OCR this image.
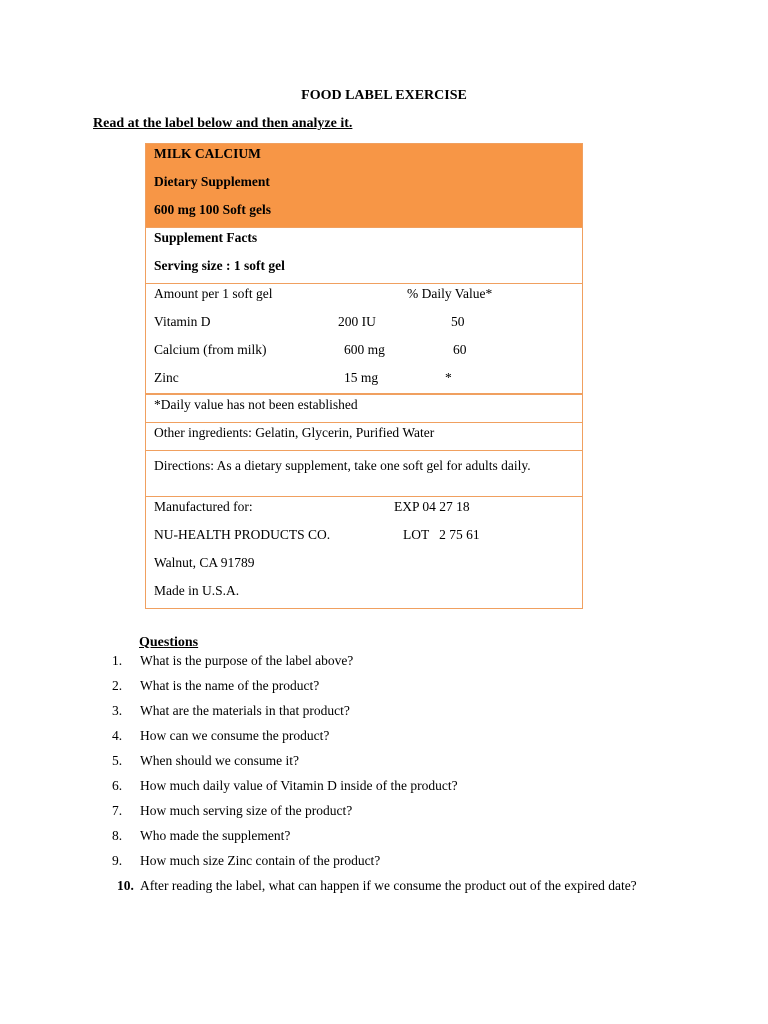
FOOD LABEL EXERCISE
Read at the label below and then analyze it.
MILK CALCIUM
Dietary Supplement
600 mg 100 Soft gels
Supplement Facts
Serving size : 1 soft gel
Amount per 1 soft gel	% Daily Value*
Vitamin D	200 IU	50
Calcium (from milk)	600 mg	60
Zinc	15 mg	*
*Daily value has not been established
Other ingredients: Gelatin, Glycerin, Purified Water
Directions: As a dietary supplement, take one soft gel for adults daily.
Manufactured for:	EXP 04 27 18
NU-HEALTH PRODUCTS CO.	LOT   2 75 61
Walnut, CA 91789
Made in U.S.A.
Questions
1.	What is the purpose of the label above?
2.	What is the name of the product?
3.	What are the materials in that product?
4.	How can we consume the product?
5.	When should we consume it?
6.	How much daily value of Vitamin D inside of the product?
7.	How much serving size of the product?
8.	Who made the supplement?
9.	How much size Zinc contain of the product?
10. After reading the label, what can happen if we consume the product out of the expired date?
